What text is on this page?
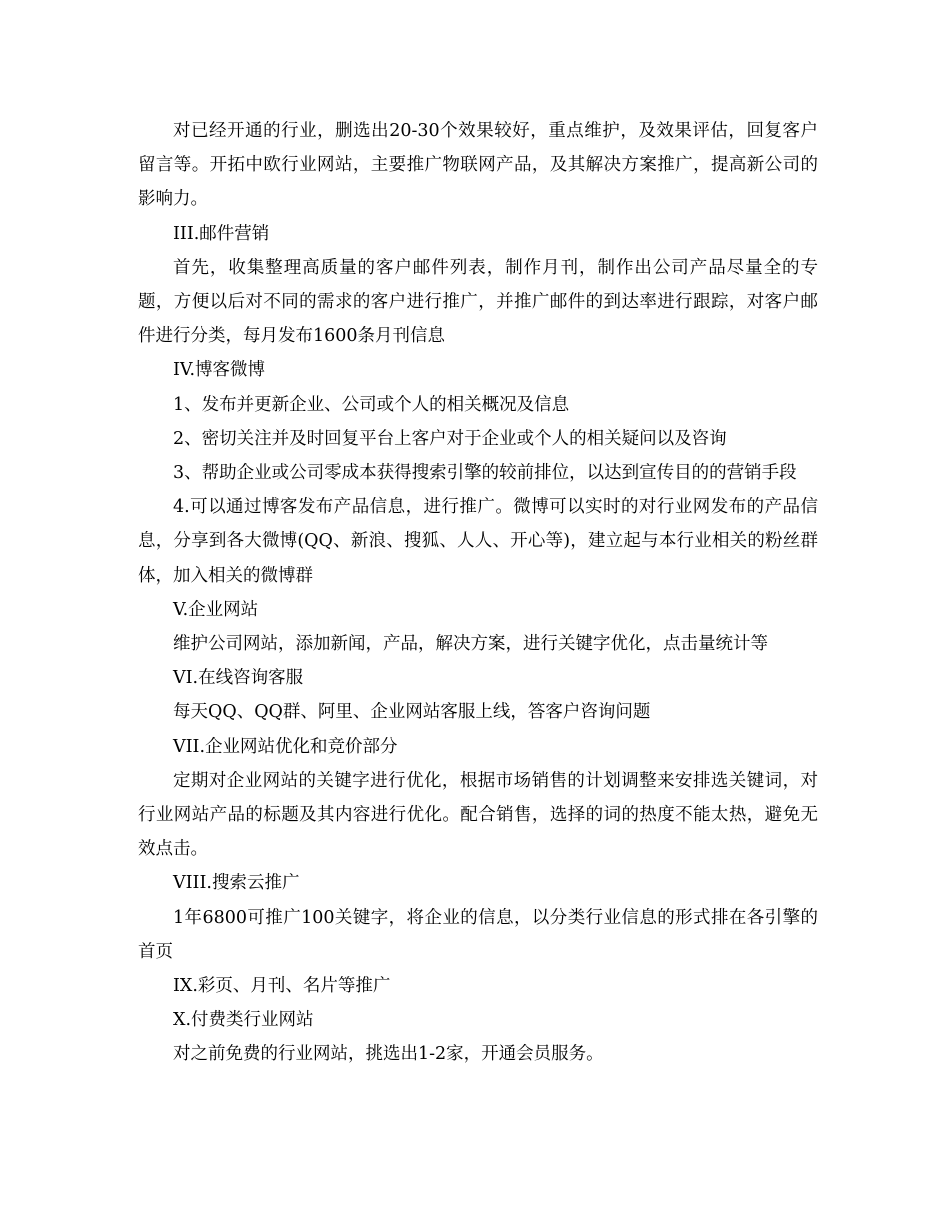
对已经开通的行业，删选出20-30个效果较好，重点维护，及效果评估，回复客户留言等。开拓中欧行业网站，主要推广物联网产品，及其解决方案推广，提高新公司的影响力。

III.邮件营销

首先，收集整理高质量的客户邮件列表，制作月刊，制作出公司产品尽量全的专题，方便以后对不同的需求的客户进行推广，并推广邮件的到达率进行跟踪，对客户邮件进行分类，每月发布1600条月刊信息

IV.博客微博

1、发布并更新企业、公司或个人的相关概况及信息

2、密切关注并及时回复平台上客户对于企业或个人的相关疑问以及咨询

3、帮助企业或公司零成本获得搜索引擎的较前排位，以达到宣传目的的营销手段

4.可以通过博客发布产品信息，进行推广。微博可以实时的对行业网发布的产品信息，分享到各大微博(QQ、新浪、搜狐、人人、开心等)，建立起与本行业相关的粉丝群体，加入相关的微博群

V.企业网站

维护公司网站，添加新闻，产品，解决方案，进行关键字优化，点击量统计等

VI.在线咨询客服

每天QQ、QQ群、阿里、企业网站客服上线，答客户咨询问题

VII.企业网站优化和竞价部分

定期对企业网站的关键字进行优化，根据市场销售的计划调整来安排选关键词，对行业网站产品的标题及其内容进行优化。配合销售，选择的词的热度不能太热，避免无效点击。

VIII.搜索云推广

1年6800可推广100关键字，将企业的信息，以分类行业信息的形式排在各引擎的首页

IX.彩页、月刊、名片等推广

X.付费类行业网站

对之前免费的行业网站，挑选出1-2家，开通会员服务。
